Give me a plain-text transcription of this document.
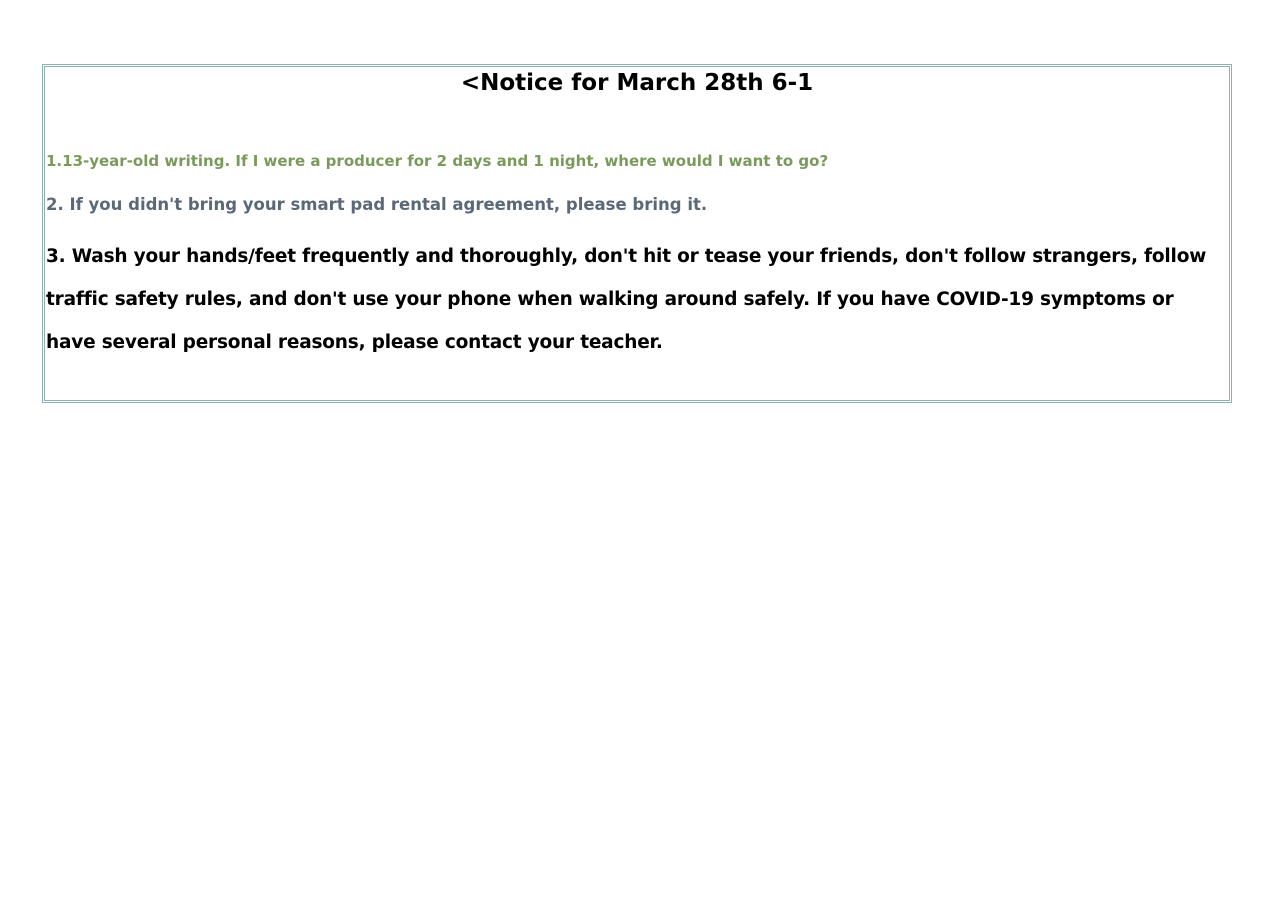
<Notice for March 28th 6-1

1.13-year-old writing. If I were a producer for 2 days and 1 night, where would I want to go?

2. If you didn't bring your smart pad rental agreement, please bring it.

3. Wash your hands/feet frequently and thoroughly, don't hit or tease your friends, don't follow strangers, follow traffic safety rules, and don't use your phone when walking around safely. If you have COVID-19 symptoms or have several personal reasons, please contact your teacher.
